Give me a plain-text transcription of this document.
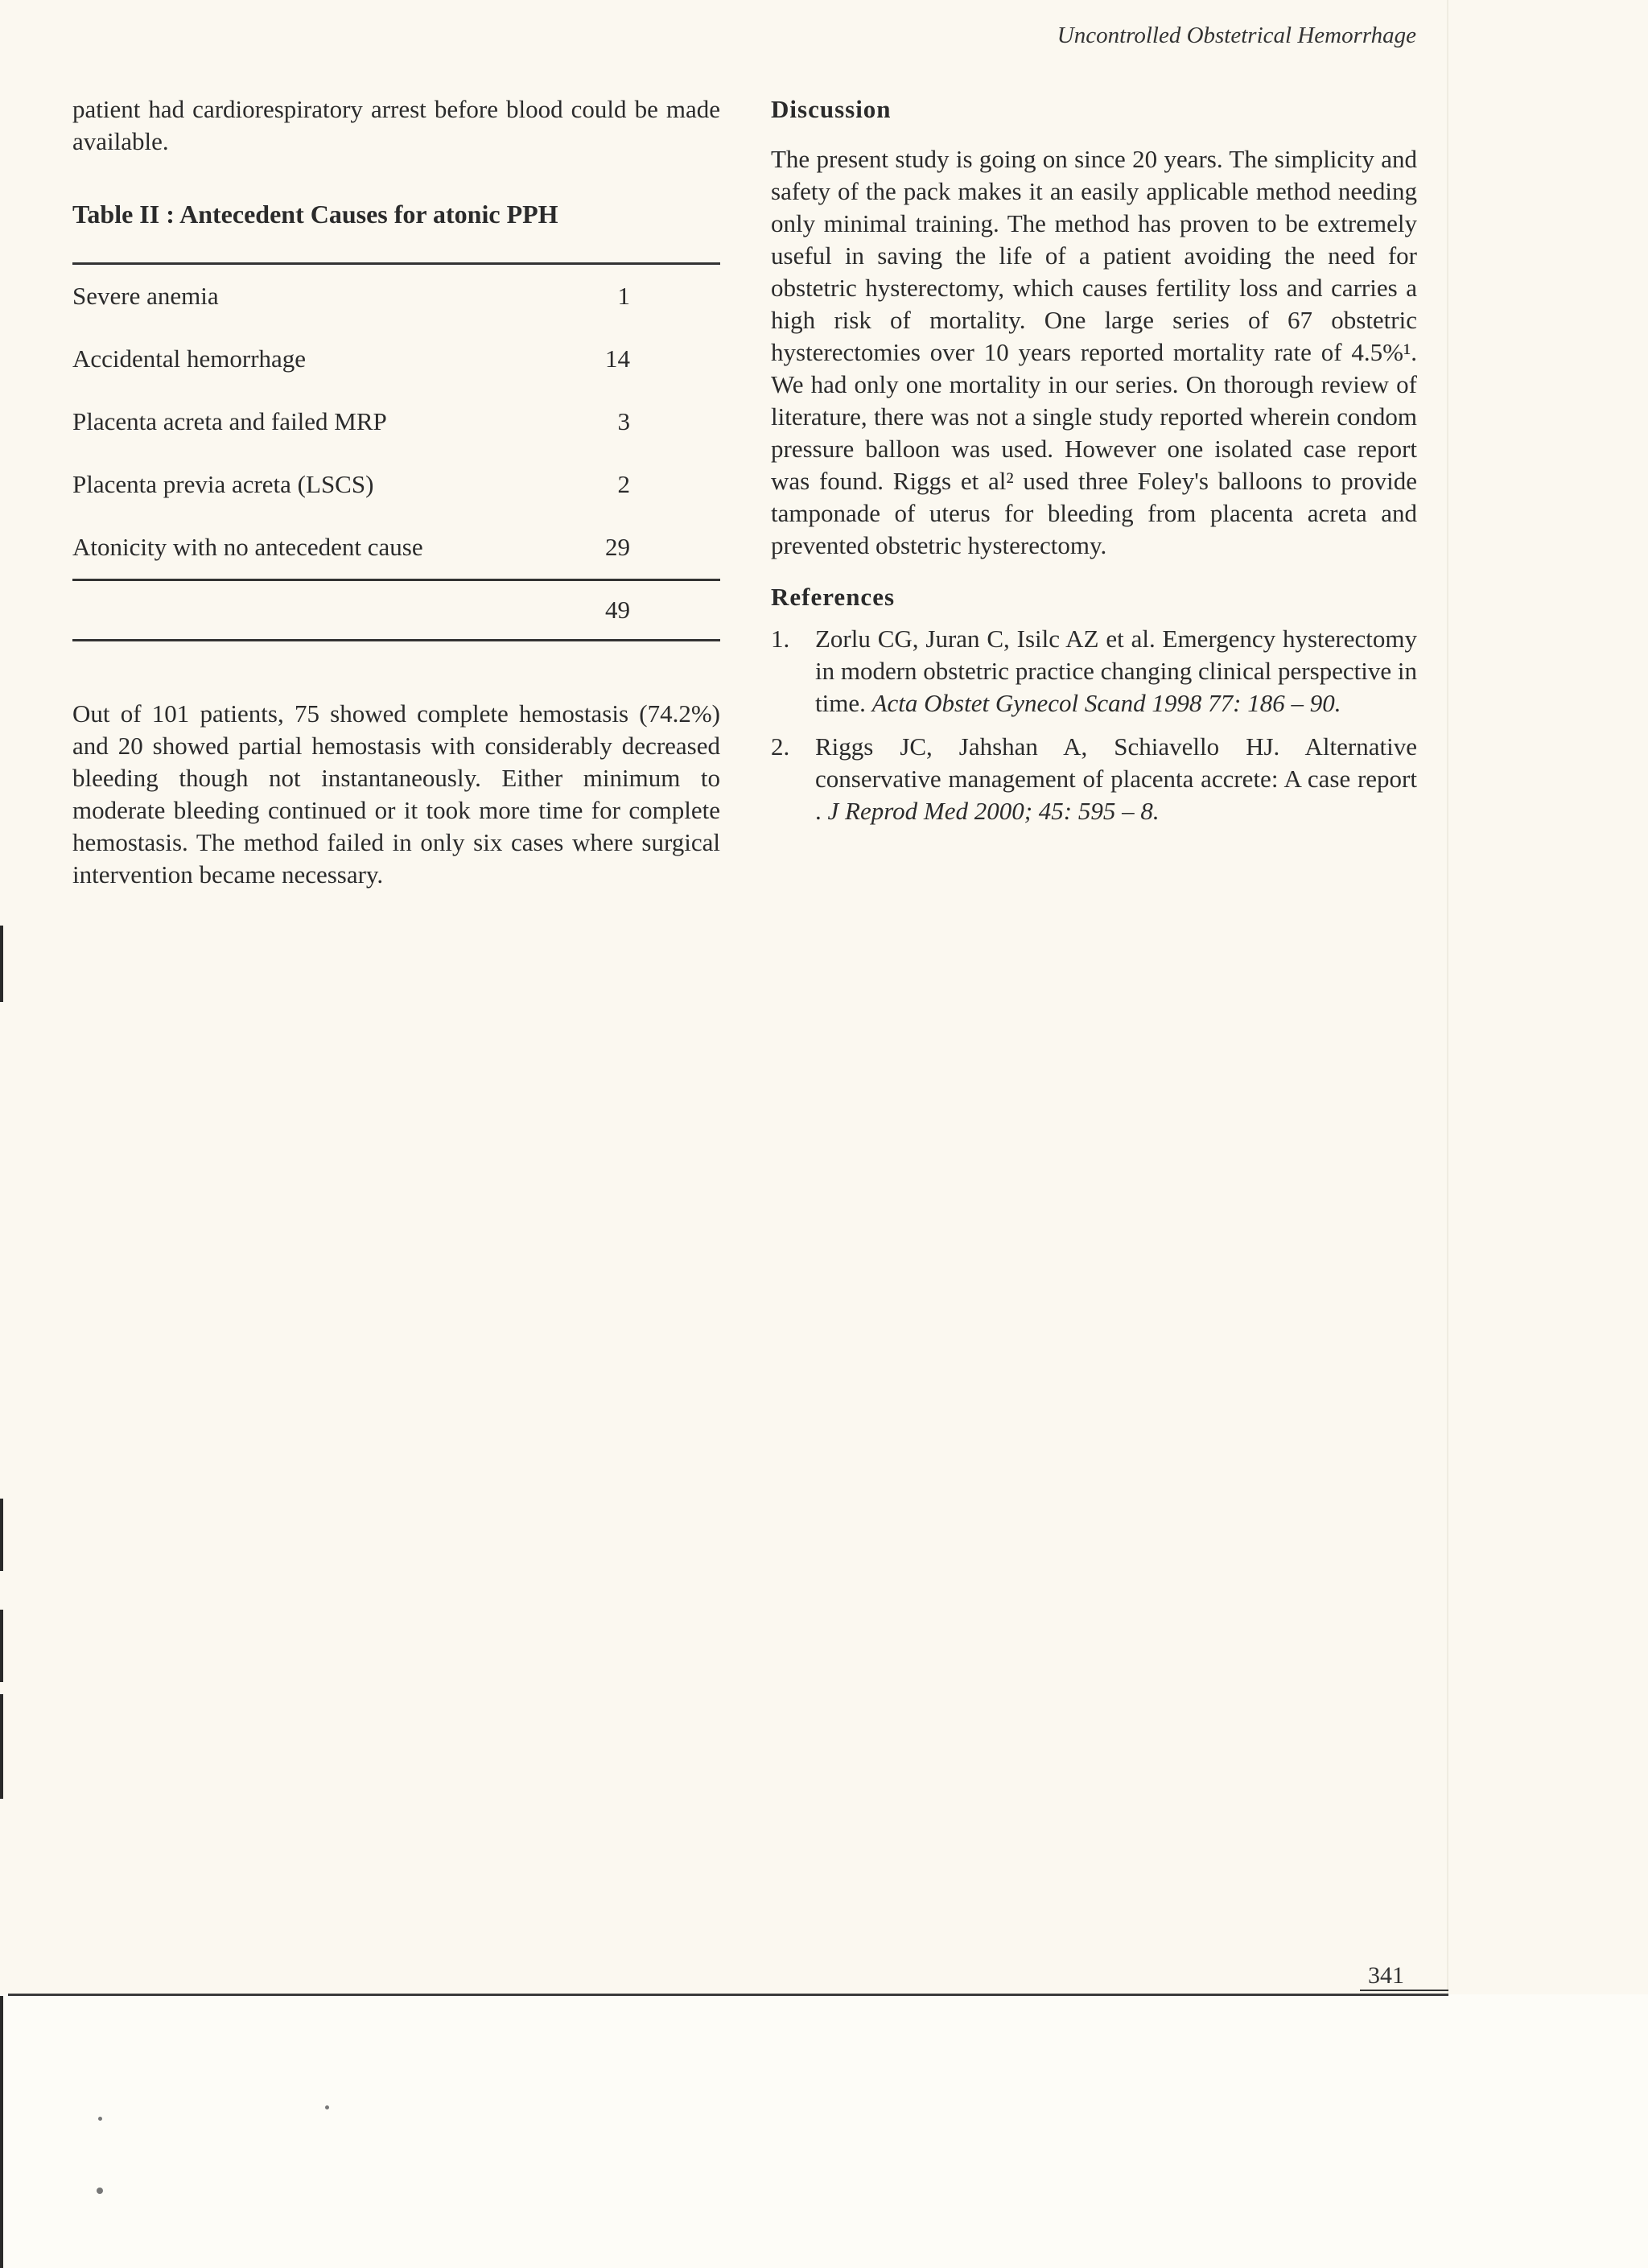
Uncontrolled Obstetrical Hemorrhage

patient had cardiorespiratory arrest before blood could be made available.

Table II : Antecedent Causes for atonic PPH

Severe anemia	1
Accidental hemorrhage	14
Placenta acreta and failed MRP	3
Placenta previa acreta (LSCS)	2
Atonicity with no antecedent cause	29
	49

Out of 101 patients, 75 showed complete hemostasis (74.2%) and 20 showed partial hemostasis with considerably decreased bleeding though not instantaneously. Either minimum to moderate bleeding continued or it took more time for complete hemostasis. The method failed in only six cases where surgical intervention became necessary.

Discussion

The present study is going on since 20 years. The simplicity and safety of the pack makes it an easily applicable method needing only minimal training. The method has proven to be extremely useful in saving the life of a patient avoiding the need for obstetric hysterectomy, which causes fertility loss and carries a high risk of mortality. One large series of 67 obstetric hysterectomies over 10 years reported mortality rate of 4.5%¹. We had only one mortality in our series. On thorough review of literature, there was not a single study reported wherein condom pressure balloon was used. However one isolated case report was found. Riggs et al² used three Foley's balloons to provide tamponade of uterus for bleeding from placenta acreta and prevented obstetric hysterectomy.

References

1. Zorlu CG, Juran C, Isilc AZ et al. Emergency hysterectomy in modern obstetric practice changing clinical perspective in time. Acta Obstet Gynecol Scand 1998 77: 186 – 90.
2. Riggs JC, Jahshan A, Schiavello HJ. Alternative conservative management of placenta accrete: A case report . J Reprod Med 2000; 45: 595 – 8.
341
